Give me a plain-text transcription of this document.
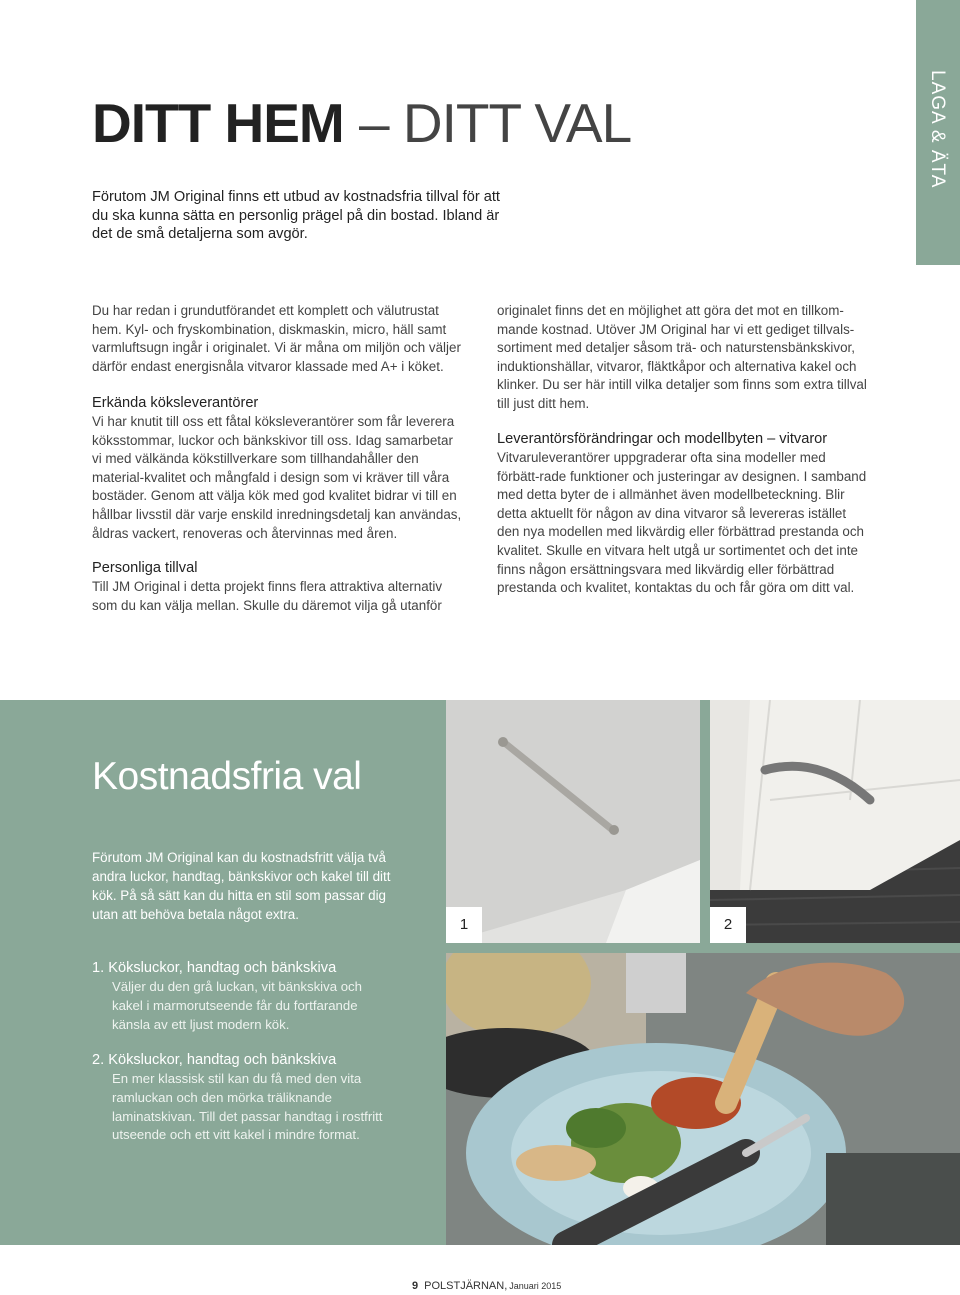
LAGA & ÄTA
DITT HEM – DITT VAL
Förutom JM Original finns ett utbud av kostnadsfria tillval för att du ska kunna sätta en personlig prägel på din bostad. Ibland är det de små detaljerna som avgör.

Du har redan i grundutförandet ett komplett och välutrustat hem. Kyl- och fryskombination, diskmaskin, micro, häll samt varmluftsugn ingår i originalet. Vi är måna om miljön och väljer därför endast energisnåla vitvaror klassade med A+ i köket.

Erkända köksleverantörer

Vi har knutit till oss ett fåtal köksleverantörer som får leverera köksstommar, luckor och bänkskivor till oss. Idag samarbetar vi med välkända kökstillverkare som tillhandahåller den material-kvalitet och mångfald i design som vi kräver till våra bostäder. Genom att välja kök med god kvalitet bidrar vi till en hållbar livsstil där varje enskild inredningsdetalj kan användas, åldras vackert, renoveras och återvinnas med åren.

Personliga tillval

Till JM Original i detta projekt finns flera attraktiva alternativ som du kan välja mellan. Skulle du däremot vilja gå utanför

originalet finns det en möjlighet att göra det mot en tillkom-mande kostnad. Utöver JM Original har vi ett gediget tillvals-sortiment med detaljer såsom trä- och naturstensbänkskivor, induktionshällar, vitvaror, fläktkåpor och alternativa kakel och klinker. Du ser här intill vilka detaljer som finns som extra tillval till just ditt hem.

Leverantörsförändringar och modellbyten – vitvaror

Vitvaruleverantörer uppgraderar ofta sina modeller med förbätt-rade funktioner och justeringar av designen. I samband med detta byter de i allmänhet även modellbeteckning. Blir detta aktuellt för någon av dina vitvaror så levereras istället den nya modellen med likvärdig eller förbättrad prestanda och kvalitet. Skulle en vitvara helt utgå ur sortimentet och det inte finns någon ersättningsvara med likvärdig eller förbättrad prestanda och kvalitet, kontaktas du och får göra om ditt val.

Kostnadsfria val
Förutom JM Original kan du kostnadsfritt välja två andra luckor, handtag, bänkskivor och kakel till ditt kök. På så sätt kan du hitta en stil som passar dig utan att behöva betala något extra.
1. Köksluckor, handtag och bänkskiva
Väljer du den grå luckan, vit bänkskiva och kakel i marmorutseende får du fortfarande känsla av ett ljust modern kök.
2. Köksluckor, handtag och bänkskiva
En mer klassisk stil kan du få med den vita ramluckan och den mörka träliknande laminatskivan. Till det passar handtag i rostfritt utseende och ett vitt kakel i mindre format.
1	2
9 POLSTJÄRNAN, Januari 2015
